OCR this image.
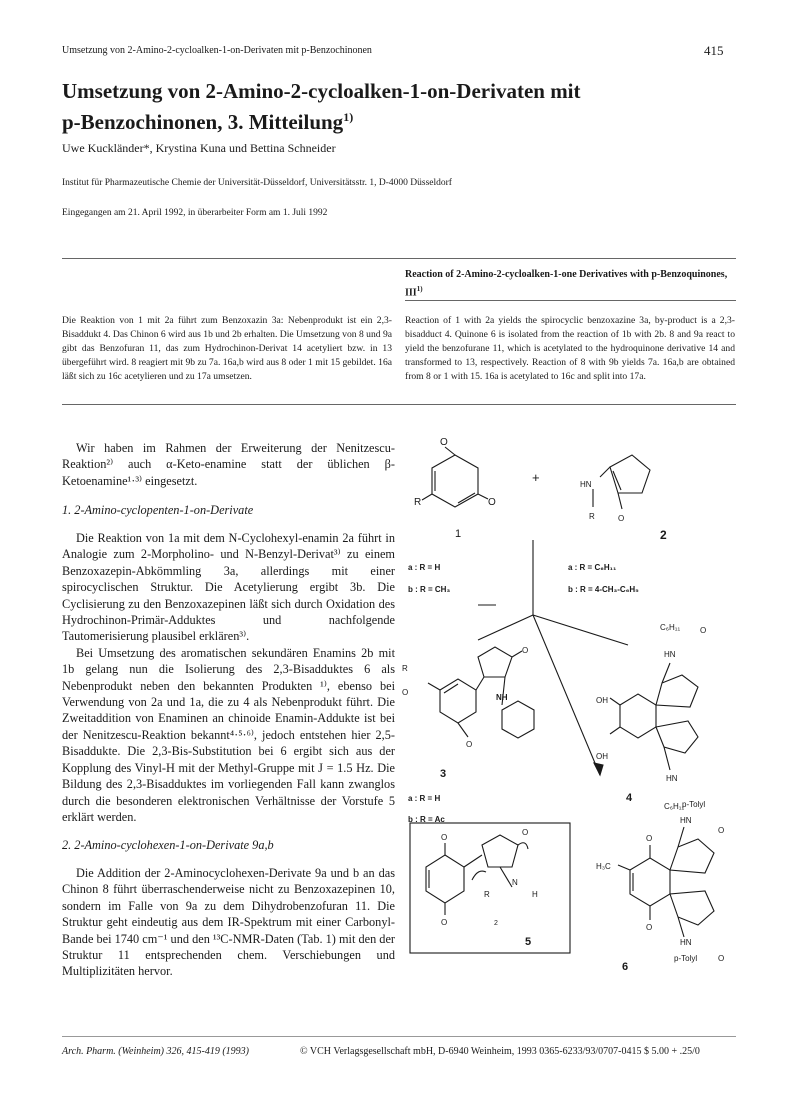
Umsetzung von 2-Amino-2-cycloalken-1-on-Derivaten mit p-Benzochinonen	415
Umsetzung von 2-Amino-2-cycloalken-1-on-Derivaten mit
p-Benzochinonen, 3. Mitteilung$^{1)}$
Uwe Kuckländer*, Krystina Kuna und Bettina Schneider
Institut für Pharmazeutische Chemie der Universität-Düsseldorf, Universitätsstr. 1, D-4000 Düsseldorf
Eingegangen am 21. April 1992, in überarbeiter Form am 1. Juli 1992
Reaction of 2-Amino-2-cycloalken-1-one Derivatives with p-Benzoquinones, III$^{1)}$
Die Reaktion von 1 mit 2a führt zum Benzoxazin 3a: Nebenprodukt ist ein 2,3-Bisaddukt 4. Das Chinon 6 wird aus 1b und 2b erhalten. Die Umsetzung von 8 und 9a gibt das Benzofuran 11, das zum Hydrochinon-Derivat 14 acetyliert bzw. in 13 übergeführt wird. 8 reagiert mit 9b zu 7a. 16a,b wird aus 8 oder 1 mit 15 gebildet. 16a läßt sich zu 16c acetylieren und zu 17a umsetzen.
Reaction of 1 with 2a yields the spirocyclic benzoxazine 3a, by-product is a 2,3-bisadduct 4. Quinone 6 is isolated from the reaction of 1b with 2b. 8 and 9a react to yield the benzofurane 11, which is acetylated to the hydroquinone derivative 14 and transformed to 13, respectively. Reaction of 8 with 9b yields 7a. 16a,b are obtained from 8 or 1 with 15. 16a is acetylated to 16c and split into 17a.

Wir haben im Rahmen der Erweiterung der Nenitzescu-Reaktion²⁾ auch α-Keto-enamine statt der üblichen β-Ketoenamine¹·³⁾ eingesetzt.

1. 2-Amino-cyclopenten-1-on-Derivate

Die Reaktion von 1a mit dem N-Cyclohexyl-enamin 2a führt in Analogie zum 2-Morpholino- und N-Benzyl-Derivat³⁾ zu einem Benzoxazepin-Abkömmling 3a, allerdings mit einer spirocyclischen Struktur. Die Acetylierung ergibt 3b. Die Cyclisierung zu den Benzoxazepinen läßt sich durch Oxidation des Hydrochinon-Primär-Adduktes und nachfolgende Tautomerisierung plausibel erklären³⁾.

Bei Umsetzung des aromatischen sekundären Enamins 2b mit 1b gelang nun die Isolierung des 2,3-Bisadduktes 6 als Nebenprodukt neben den bekannten Produkten ¹⁾, ebenso bei Verwendung von 2a und 1a, die zu 4 als Nebenprodukt führt. Die Zweitaddition von Enaminen an chinoide Enamin-Addukte ist bei der Nenitzescu-Reaktion bekannt⁴·⁵·⁶⁾, jedoch entstehen hier 2,5-Bisaddukte. Die 2,3-Bis-Substitution bei 6 ergibt sich aus der Kopplung des Vinyl-H mit der Methyl-Gruppe mit J = 1.5 Hz. Die Bildung des 2,3-Bisadduktes im vorliegenden Fall kann zwanglos durch die besonderen elektronischen Verhältnisse der Vorstufe 5 erklärt werden.

2. 2-Amino-cyclohexen-1-on-Derivate 9a,b

Die Addition der 2-Aminocyclohexen-Derivate 9a und b an das Chinon 8 führt überraschenderweise nicht zu Benzoxazepinen 10, sondern im Falle von 9a zu dem Dihydrobenzofuran 11. Die Struktur geht eindeutig aus dem IR-Spektrum mit einer Carbonyl-Bande bei 1740 cm⁻¹ und den ¹³C-NMR-Daten (Tab. 1) mit den der Struktur 11 entsprechenden chem. Verschiebungen und Multiplizitäten hervor.

O
O
R
+	HN
R	O
1	2
a : R = H
b : R = CH₃
a : R = C₆H₁₁
b : R = 4-CH₃-C₆H₅
R
O
O
NH
O
3
a : R = H
C₆H₁₁
HN
O
OH
OH
HN
C₆H₁₁
4
O
O
O
R
N
H
2
5
HN
O
O
H₃C
O
HN
p-Tolyl	O
6
b : R = Ac
p-Tolyl
Arch. Pharm. (Weinheim) 326, 415-419 (1993)	© VCH Verlagsgesellschaft mbH, D-6940 Weinheim, 1993 0365-6233/93/0707-0415 $ 5.00 + .25/0
